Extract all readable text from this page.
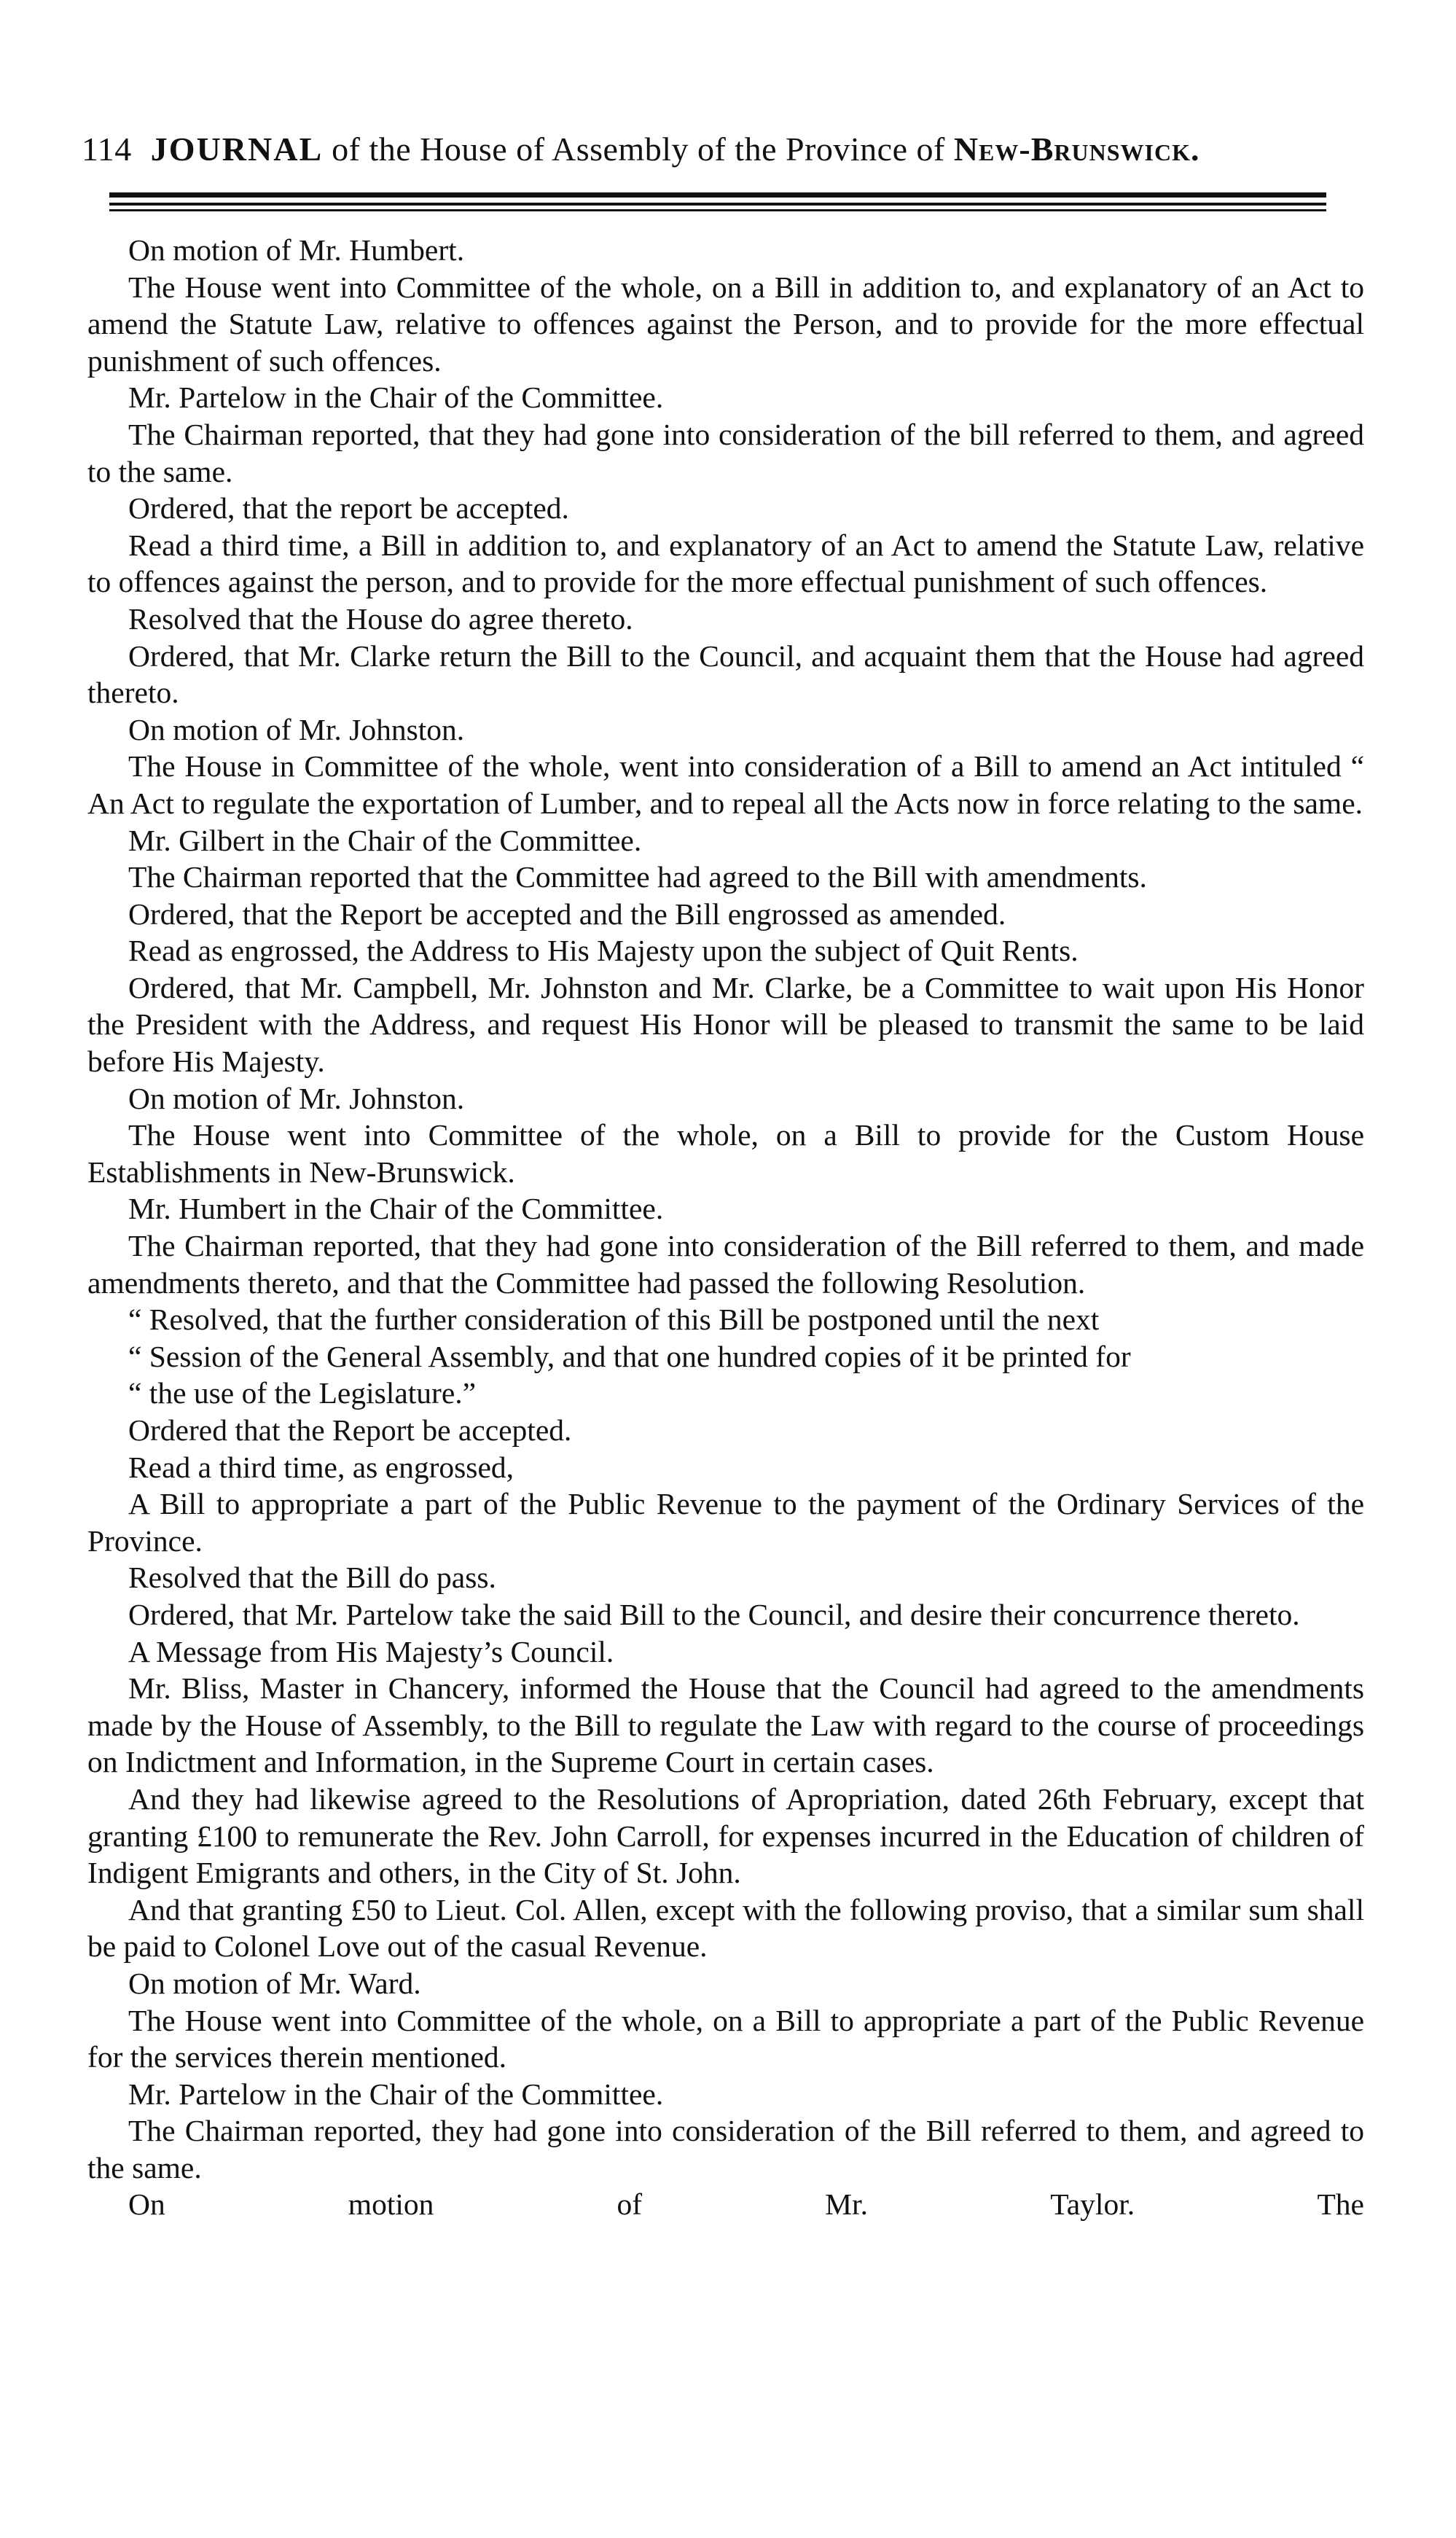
114 JOURNAL of the House of Assembly of the Province of New-Brunswick.

On motion of Mr. Humbert.

The House went into Committee of the whole, on a Bill in addition to, and explanatory of an Act to amend the Statute Law, relative to offences against the Person, and to provide for the more effectual punishment of such offences.

Mr. Partelow in the Chair of the Committee.

The Chairman reported, that they had gone into consideration of the bill referred to them, and agreed to the same.

Ordered, that the report be accepted.

Read a third time, a Bill in addition to, and explanatory of an Act to amend the Statute Law, relative to offences against the person, and to provide for the more effectual punishment of such offences.

Resolved that the House do agree thereto.

Ordered, that Mr. Clarke return the Bill to the Council, and acquaint them that the House had agreed thereto.

On motion of Mr. Johnston.

The House in Committee of the whole, went into consideration of a Bill to amend an Act intituled “ An Act to regulate the exportation of Lumber, and to repeal all the Acts now in force relating to the same.

Mr. Gilbert in the Chair of the Committee.

The Chairman reported that the Committee had agreed to the Bill with amendments.

Ordered, that the Report be accepted and the Bill engrossed as amended.

Read as engrossed, the Address to His Majesty upon the subject of Quit Rents.

Ordered, that Mr. Campbell, Mr. Johnston and Mr. Clarke, be a Committee to wait upon His Honor the President with the Address, and request His Honor will be pleased to transmit the same to be laid before His Majesty.

On motion of Mr. Johnston.

The House went into Committee of the whole, on a Bill to provide for the Custom House Establishments in New-Brunswick.

Mr. Humbert in the Chair of the Committee.

The Chairman reported, that they had gone into consideration of the Bill referred to them, and made amendments thereto, and that the Committee had passed the following Resolution.

“ Resolved, that the further consideration of this Bill be postponed until the next

“ Session of the General Assembly, and that one hundred copies of it be printed for

“ the use of the Legislature.”

Ordered that the Report be accepted.

Read a third time, as engrossed,

A Bill to appropriate a part of the Public Revenue to the payment of the Ordinary Services of the Province.

Resolved that the Bill do pass.

Ordered, that Mr. Partelow take the said Bill to the Council, and desire their concurrence thereto.

A Message from His Majesty’s Council.

Mr. Bliss, Master in Chancery, informed the House that the Council had agreed to the amendments made by the House of Assembly, to the Bill to regulate the Law with regard to the course of proceedings on Indictment and Information, in the Supreme Court in certain cases.

And they had likewise agreed to the Resolutions of Apropriation, dated 26th February, except that granting £100 to remunerate the Rev. John Carroll, for expenses incurred in the Education of children of Indigent Emigrants and others, in the City of St. John.

And that granting £50 to Lieut. Col. Allen, except with the following proviso, that a similar sum shall be paid to Colonel Love out of the casual Revenue.

On motion of Mr. Ward.

The House went into Committee of the whole, on a Bill to appropriate a part of the Public Revenue for the services therein mentioned.

Mr. Partelow in the Chair of the Committee.

The Chairman reported, they had gone into consideration of the Bill referred to them, and agreed to the same.

On motion of Mr. Taylor.	The
